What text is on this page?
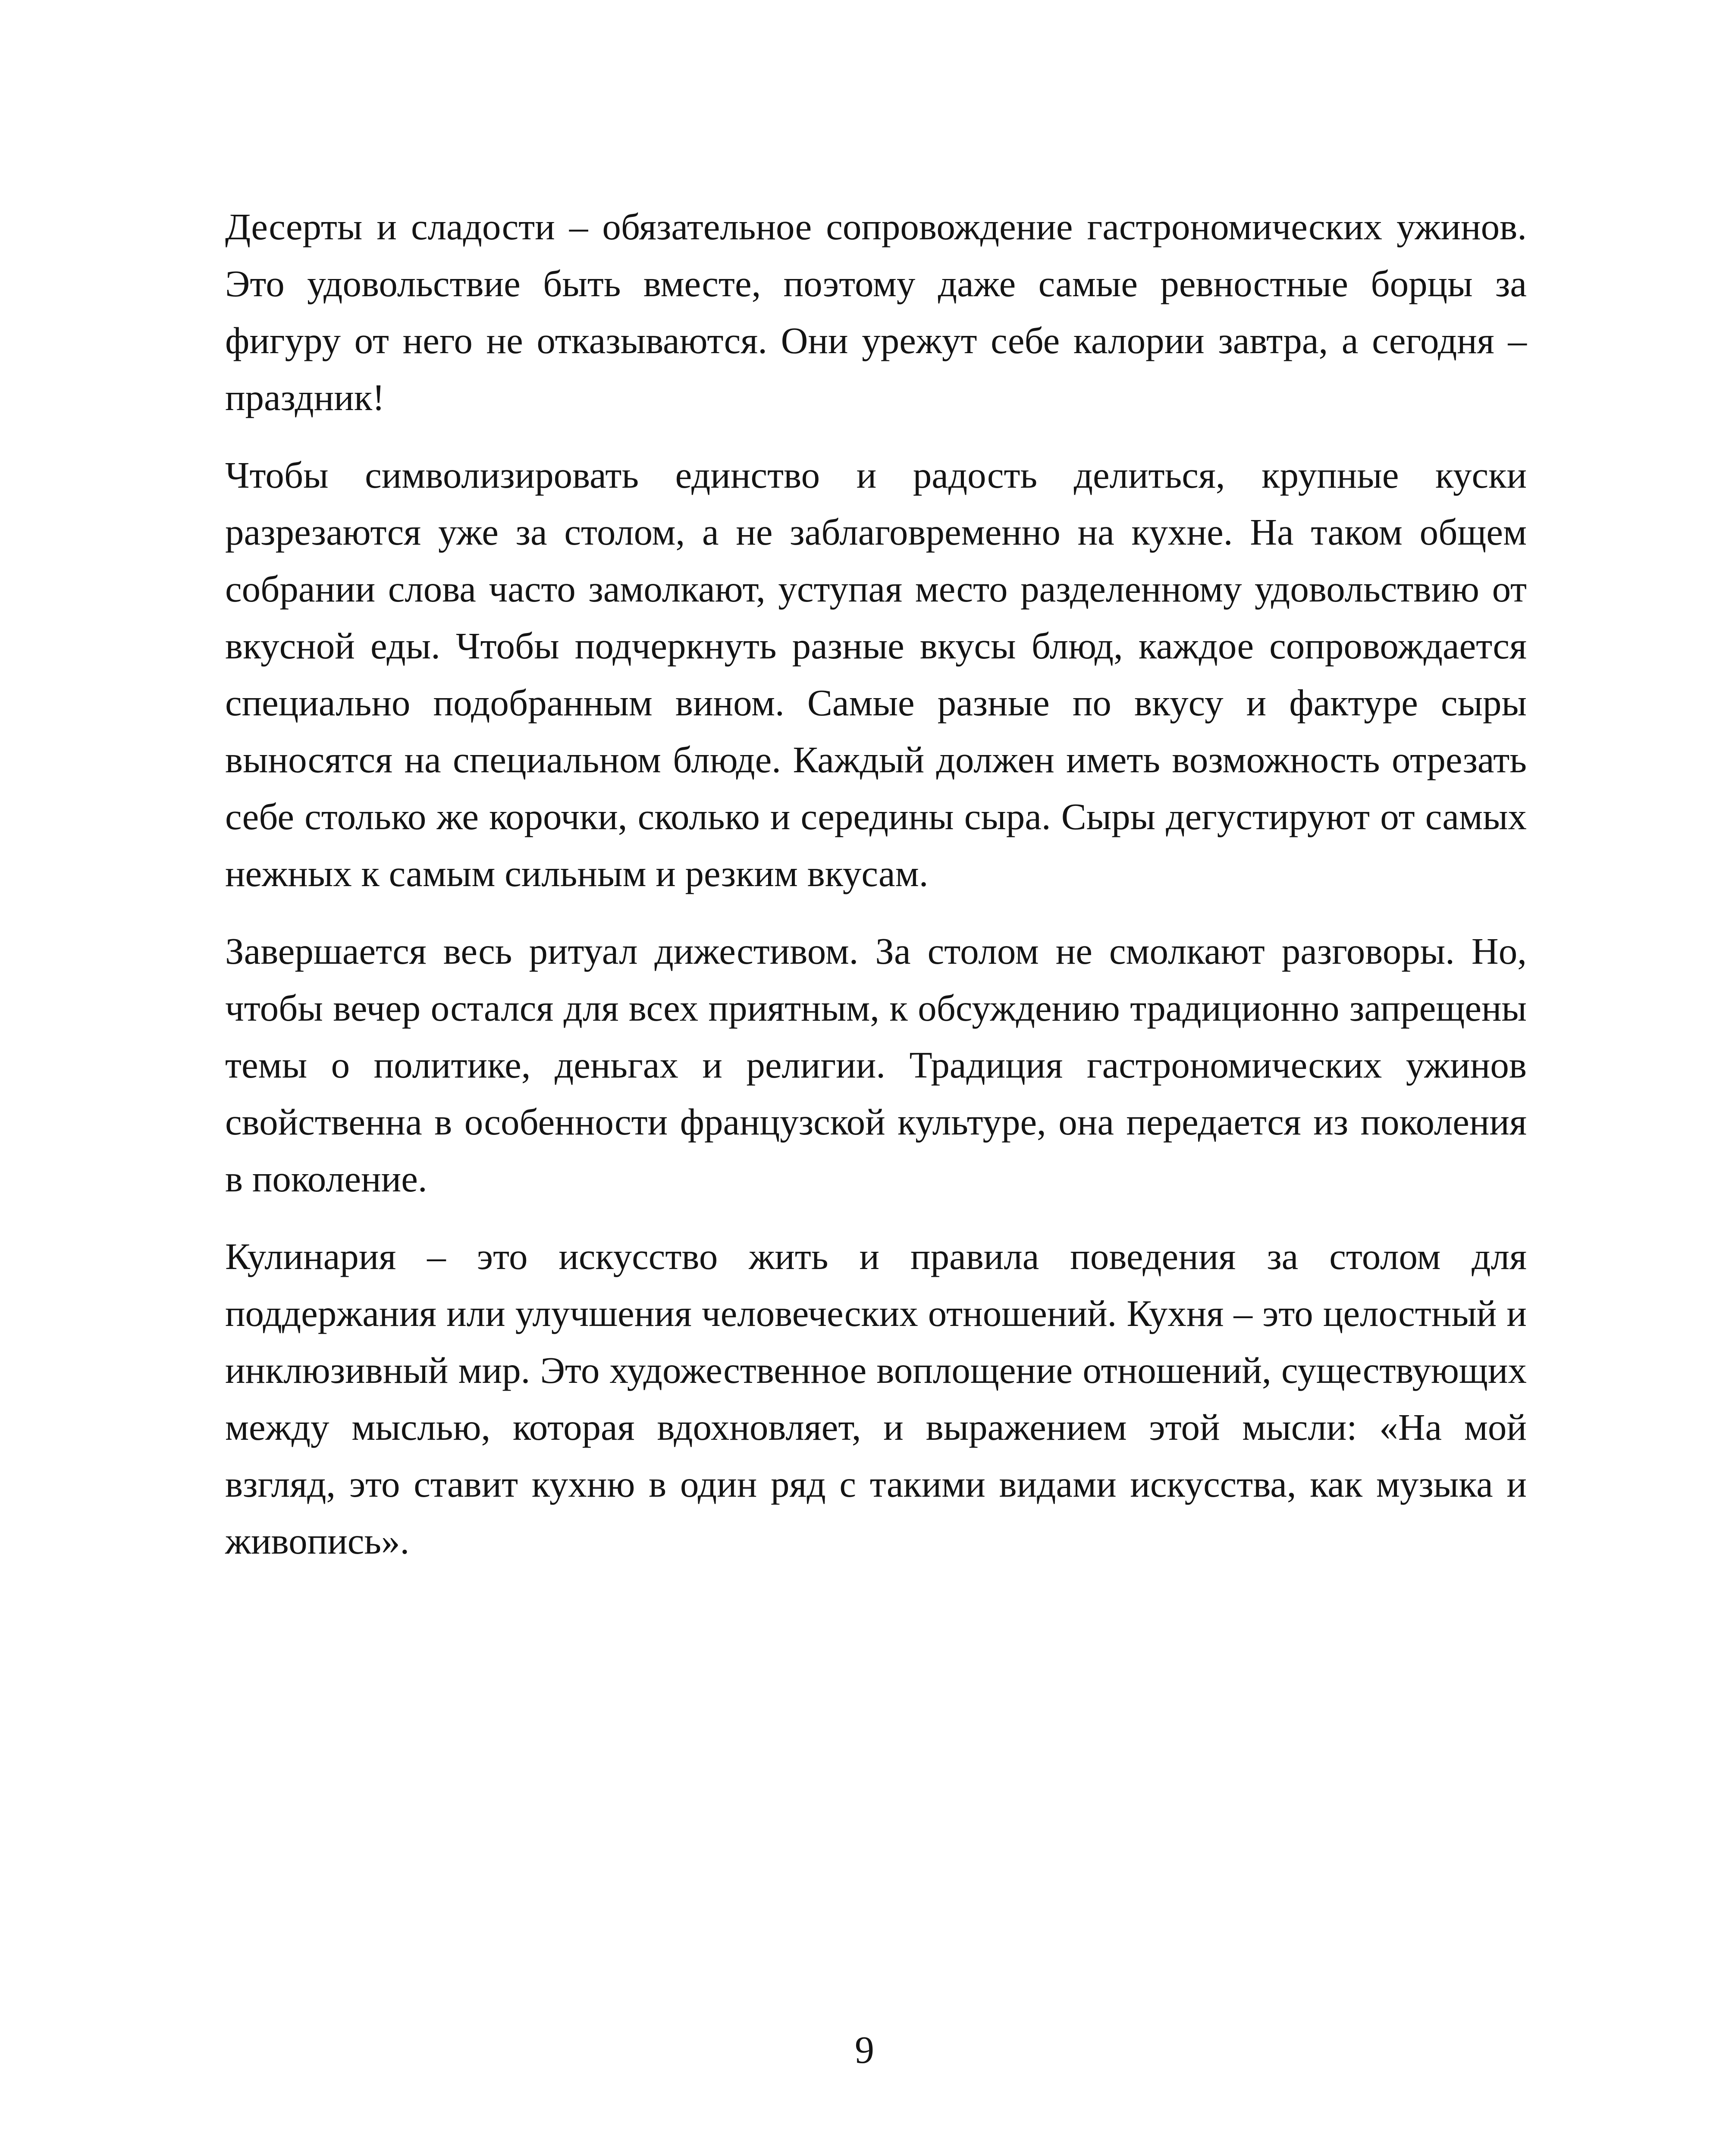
Десерты и сладости – обязательное сопровождение гастрономических ужинов. Это удовольствие быть вместе, поэтому даже самые ревностные борцы за фигуру от него не отказываются. Они урежут себе калории завтра, а сегодня – праздник!

Чтобы символизировать единство и радость делиться, крупные куски разрезаются уже за столом, а не заблаговременно на кухне. На таком общем собрании слова часто замолкают, уступая место разделенному удовольствию от вкусной еды. Чтобы подчеркнуть разные вкусы блюд, каждое сопровождается специально подобранным вином. Самые разные по вкусу и фактуре сыры выносятся на специальном блюде. Каждый должен иметь возможность отрезать себе столько же корочки, сколько и середины сыра. Сыры дегустируют от самых нежных к самым сильным и резким вкусам.

Завершается весь ритуал дижестивом. За столом не смолкают разговоры. Но, чтобы вечер остался для всех приятным, к обсуждению традиционно запрещены темы о политике, деньгах и религии. Традиция гастрономических ужинов свойственна в особенности французской культуре, она передается из поколения в поколение.

Кулинария – это искусство жить и правила поведения за столом для поддержания или улучшения человеческих отношений. Кухня – это целостный и инклюзивный мир. Это художественное воплощение отношений, существующих между мыслью, которая вдохновляет, и выражением этой мысли: «На мой взгляд, это ставит кухню в один ряд с такими видами искусства, как музыка и живопись».

9
